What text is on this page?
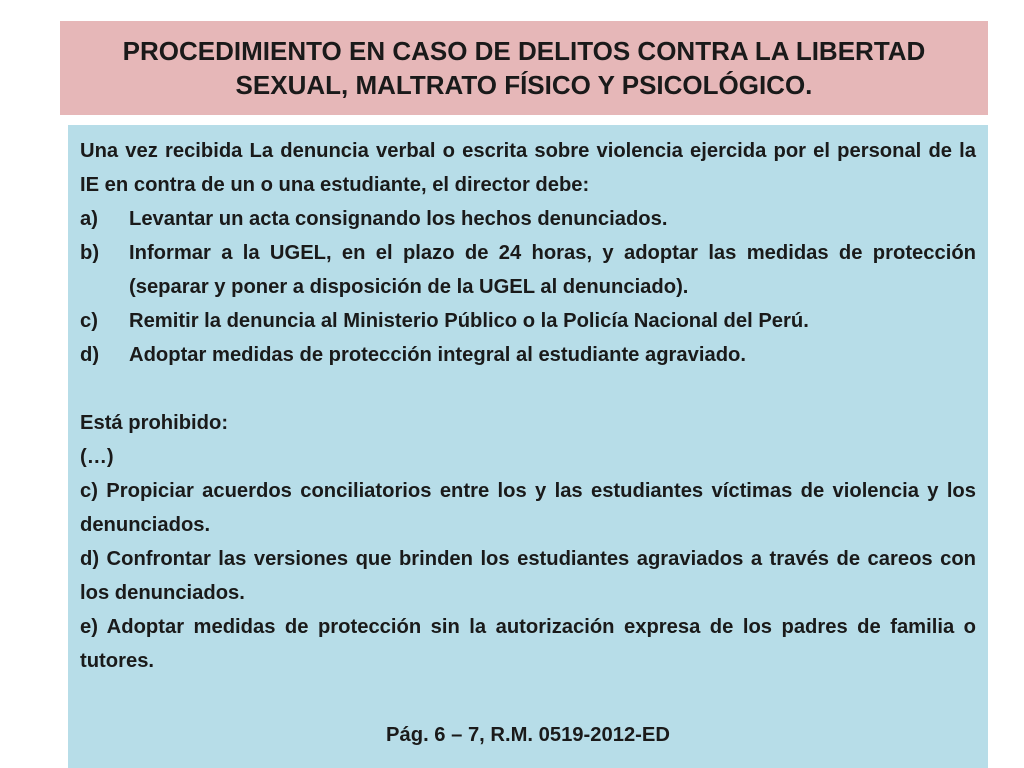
PROCEDIMIENTO EN CASO DE DELITOS CONTRA LA LIBERTAD
SEXUAL, MALTRATO FÍSICO Y PSICOLÓGICO.

Una vez recibida La denuncia verbal o escrita sobre violencia ejercida por el personal de la IE en contra de un o una estudiante, el director debe:

a)	Levantar un acta consignando los hechos denunciados.
b)	Informar a la UGEL, en el plazo de 24 horas, y adoptar las medidas de protección (separar y poner a disposición de la UGEL al denunciado).
c)	Remitir la denuncia al Ministerio Público o la Policía Nacional del Perú.
d)	Adoptar medidas de protección integral al estudiante agraviado.

Está prohibido:

(…)

c) Propiciar acuerdos conciliatorios entre los y las estudiantes víctimas de violencia y los denunciados.

d) Confrontar las versiones que brinden los estudiantes agraviados a través de careos con los denunciados.

e) Adoptar medidas de protección sin la autorización expresa de los padres de familia o tutores.

Pág. 6 – 7, R.M. 0519-2012-ED
